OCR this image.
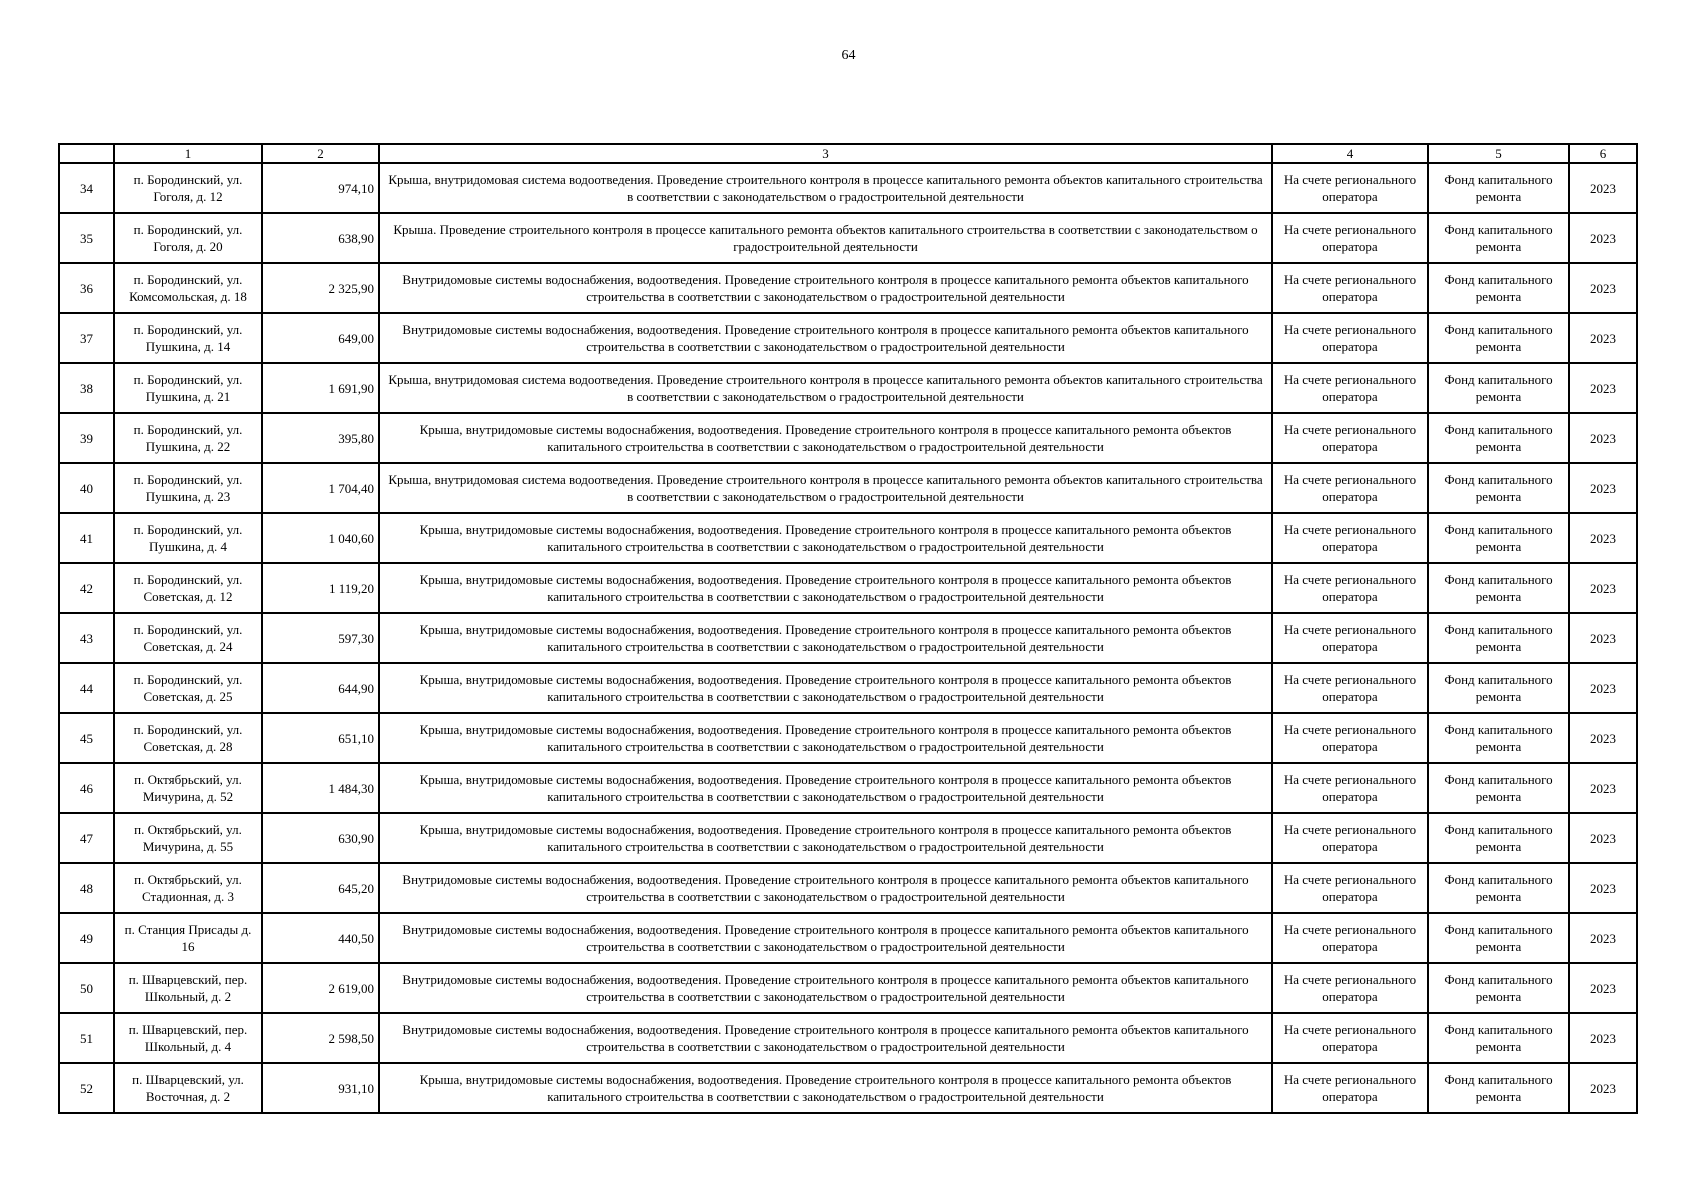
64
	1	2	3	4	5	6
34	п. Бородинский, ул. Гоголя, д. 12	974,10	Крыша, внутридомовая система водоотведения. Проведение строительного контроля в процессе капитального ремонта объектов капитального строительства в соответствии с законодательством о градостроительной деятельности	На счете регионального оператора	Фонд капитального ремонта	2023
35	п. Бородинский, ул. Гоголя, д. 20	638,90	Крыша. Проведение строительного контроля в процессе капитального ремонта объектов капитального строительства в соответствии с законодательством о градостроительной деятельности	На счете регионального оператора	Фонд капитального ремонта	2023
36	п. Бородинский, ул. Комсомольская, д. 18	2 325,90	Внутридомовые системы водоснабжения, водоотведения. Проведение строительного контроля в процессе капитального ремонта объектов капитального строительства в соответствии с законодательством о градостроительной деятельности	На счете регионального оператора	Фонд капитального ремонта	2023
37	п. Бородинский, ул. Пушкина, д. 14	649,00	Внутридомовые системы водоснабжения, водоотведения. Проведение строительного контроля в процессе капитального ремонта объектов капитального строительства в соответствии с законодательством о градостроительной деятельности	На счете регионального оператора	Фонд капитального ремонта	2023
38	п. Бородинский, ул. Пушкина, д. 21	1 691,90	Крыша, внутридомовая система водоотведения. Проведение строительного контроля в процессе капитального ремонта объектов капитального строительства в соответствии с законодательством о градостроительной деятельности	На счете регионального оператора	Фонд капитального ремонта	2023
39	п. Бородинский, ул. Пушкина, д. 22	395,80	Крыша, внутридомовые системы водоснабжения, водоотведения. Проведение строительного контроля в процессе капитального ремонта объектов капитального строительства в соответствии с законодательством о градостроительной деятельности	На счете регионального оператора	Фонд капитального ремонта	2023
40	п. Бородинский, ул. Пушкина, д. 23	1 704,40	Крыша, внутридомовая система водоотведения. Проведение строительного контроля в процессе капитального ремонта объектов капитального строительства в соответствии с законодательством о градостроительной деятельности	На счете регионального оператора	Фонд капитального ремонта	2023
41	п. Бородинский, ул. Пушкина, д. 4	1 040,60	Крыша, внутридомовые системы водоснабжения, водоотведения. Проведение строительного контроля в процессе капитального ремонта объектов капитального строительства в соответствии с законодательством о градостроительной деятельности	На счете регионального оператора	Фонд капитального ремонта	2023
42	п. Бородинский, ул. Советская, д. 12	1 119,20	Крыша, внутридомовые системы водоснабжения, водоотведения. Проведение строительного контроля в процессе капитального ремонта объектов капитального строительства в соответствии с законодательством о градостроительной деятельности	На счете регионального оператора	Фонд капитального ремонта	2023
43	п. Бородинский, ул. Советская, д. 24	597,30	Крыша, внутридомовые системы водоснабжения, водоотведения. Проведение строительного контроля в процессе капитального ремонта объектов капитального строительства в соответствии с законодательством о градостроительной деятельности	На счете регионального оператора	Фонд капитального ремонта	2023
44	п. Бородинский, ул. Советская, д. 25	644,90	Крыша, внутридомовые системы водоснабжения, водоотведения. Проведение строительного контроля в процессе капитального ремонта объектов капитального строительства в соответствии с законодательством о градостроительной деятельности	На счете регионального оператора	Фонд капитального ремонта	2023
45	п. Бородинский, ул. Советская, д. 28	651,10	Крыша, внутридомовые системы водоснабжения, водоотведения. Проведение строительного контроля в процессе капитального ремонта объектов капитального строительства в соответствии с законодательством о градостроительной деятельности	На счете регионального оператора	Фонд капитального ремонта	2023
46	п. Октябрьский, ул. Мичурина, д. 52	1 484,30	Крыша, внутридомовые системы водоснабжения, водоотведения. Проведение строительного контроля в процессе капитального ремонта объектов капитального строительства в соответствии с законодательством о градостроительной деятельности	На счете регионального оператора	Фонд капитального ремонта	2023
47	п. Октябрьский, ул. Мичурина, д. 55	630,90	Крыша, внутридомовые системы водоснабжения, водоотведения. Проведение строительного контроля в процессе капитального ремонта объектов капитального строительства в соответствии с законодательством о градостроительной деятельности	На счете регионального оператора	Фонд капитального ремонта	2023
48	п. Октябрьский, ул. Стадионная, д. 3	645,20	Внутридомовые системы водоснабжения, водоотведения. Проведение строительного контроля в процессе капитального ремонта объектов капитального строительства в соответствии с законодательством о градостроительной деятельности	На счете регионального оператора	Фонд капитального ремонта	2023
49	п. Станция Присады д. 16	440,50	Внутридомовые системы водоснабжения, водоотведения. Проведение строительного контроля в процессе капитального ремонта объектов капитального строительства в соответствии с законодательством о градостроительной деятельности	На счете регионального оператора	Фонд капитального ремонта	2023
50	п. Шварцевский, пер. Школьный, д. 2	2 619,00	Внутридомовые системы водоснабжения, водоотведения. Проведение строительного контроля в процессе капитального ремонта объектов капитального строительства в соответствии с законодательством о градостроительной деятельности	На счете регионального оператора	Фонд капитального ремонта	2023
51	п. Шварцевский, пер. Школьный, д. 4	2 598,50	Внутридомовые системы водоснабжения, водоотведения. Проведение строительного контроля в процессе капитального ремонта объектов капитального строительства в соответствии с законодательством о градостроительной деятельности	На счете регионального оператора	Фонд капитального ремонта	2023
52	п. Шварцевский, ул. Восточная, д. 2	931,10	Крыша, внутридомовые системы водоснабжения, водоотведения. Проведение строительного контроля в процессе капитального ремонта объектов капитального строительства в соответствии с законодательством о градостроительной деятельности	На счете регионального оператора	Фонд капитального ремонта	2023
